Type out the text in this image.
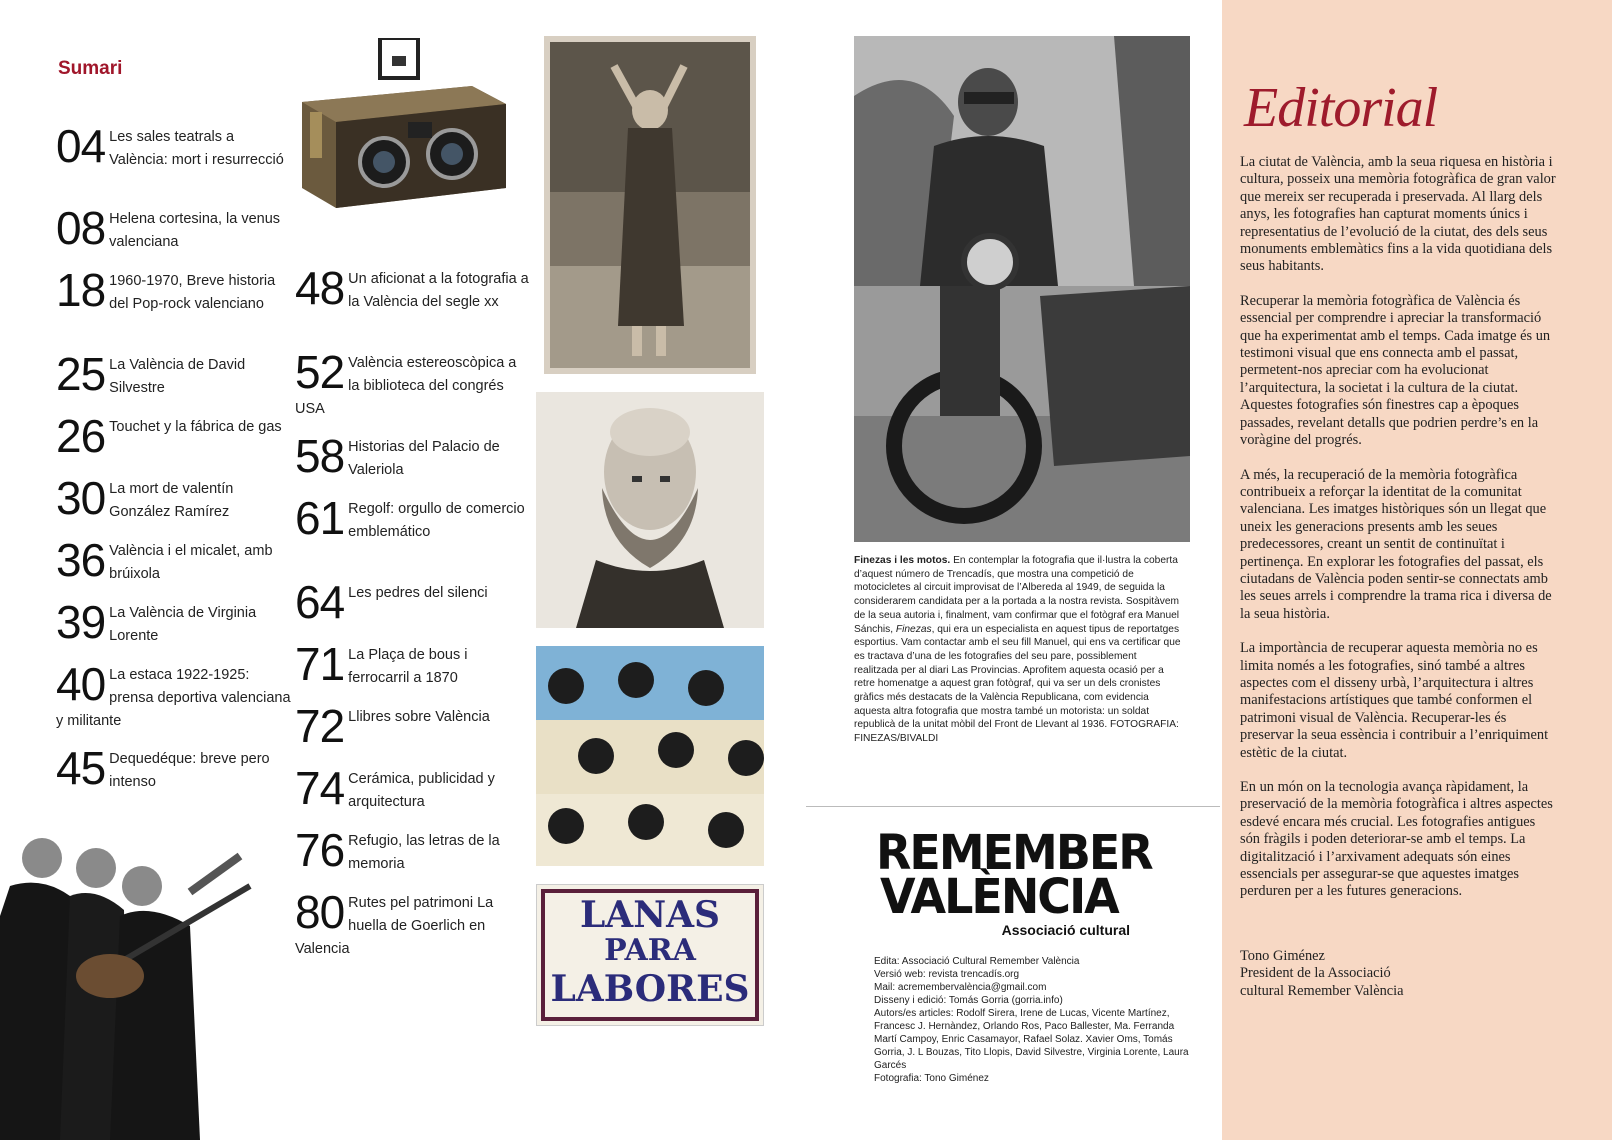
Sumari
04 Les sales teatrals a València: mort i resurrecció
08 Helena cortesina, la venus valenciana
18 1960-1970, Breve historia del Pop-rock valenciano
25 La València de David Silvestre
26 Touchet y la fábrica de gas
30 La mort de valentín González Ramírez
36 València i el micalet, amb brúixola
39 La València de Virginia Lorente
40 La estaca 1922-1925: prensa deportiva valenciana y militante
45 Dequedéque: breve pero intenso
48 Un aficionat a la fotografia a la València del segle xx
52 València estereoscòpica a la biblioteca del congrés USA
58 Historias del Palacio de Valeriola
61 Regolf: orgullo de comercio emblemático
64 Les pedres del silenci
71 La Plaça de bous i ferrocarril a 1870
72 Llibres sobre València
74 Cerámica, publicidad y arquitectura
76 Refugio, las letras de la memoria
80 Rutes pel patrimoni La huella de Goerlich en Valencia
LANAS
PARA
LABORES
Finezas i les motos. En contemplar la fotografia que il·lustra la coberta d’aquest número de Trencadís, que mostra una competició de motocicletes al circuit improvisat de l’Albereda al 1949, de seguida la considerarem candidata per a la portada a la nostra revista. Sospitàvem de la seua autoria i, finalment, vam confirmar que el fotògraf era Manuel Sánchis, Finezas, qui era un especialista en aquest tipus de reportatges esportius. Vam contactar amb el seu fill Manuel, qui ens va certificar que es tractava d’una de les fotografies del seu pare, possiblement realitzada per al diari Las Provincias. Aprofitem aquesta ocasió per a retre homenatge a aquest gran fotògraf, qui va ser un dels cronistes gràfics més destacats de la València Republicana, com evidencia aquesta altra fotografia que mostra també un motorista: un soldat republicà de la unitat mòbil del Front de Llevant al 1936. FOTOGRAFIA: FINEZAS/BIVALDI
REMEMBER
VALÈNCIA
Associació cultural
Edita: Associació Cultural Remember València
Versió web: revista trencadís.org
Mail: acremembervalència@gmail.com
Disseny i edició: Tomás Gorria (gorria.info)
Autors/es articles: Rodolf Sirera, Irene de Lucas, Vicente Martínez, Francesc J. Hernàndez, Orlando Ros, Paco Ballester, Ma. Ferranda Martí Campoy, Enric Casamayor, Rafael Solaz. Xavier Oms, Tomás Gorria, J. L Bouzas, Tito Llopis, David Silvestre, Virginia Lorente, Laura Garcés
Fotografia: Tono Giménez
Editorial

La ciutat de València, amb la seua riquesa en història i cultura, posseix una memòria fotogràfica de gran valor que mereix ser recuperada i preservada. Al llarg dels anys, les fotografies han capturat moments únics i representatius de l’evolució de la ciutat, des dels seus monuments emblemàtics fins a la vida quotidiana dels seus habitants.

Recuperar la memòria fotogràfica de València és essencial per comprendre i apreciar la transformació que ha experimentat amb el temps. Cada imatge és un testimoni visual que ens connecta amb el passat, permetent-nos apreciar com ha evolucionat l’arquitectura, la societat i la cultura de la ciutat. Aquestes fotografies són finestres cap a èpoques passades, revelant detalls que podrien perdre’s en la voràgine del progrés.

A més, la recuperació de la memòria fotogràfica contribueix a reforçar la identitat de la comunitat valenciana. Les imatges històriques són un llegat que uneix les generacions presents amb les seues predecessores, creant un sentit de continuïtat i pertinença. En explorar les fotografies del passat, els ciutadans de València poden sentir-se connectats amb les seues arrels i comprendre la trama rica i diversa de la seua història.

La importància de recuperar aquesta memòria no es limita només a les fotografies, sinó també a altres aspectes com el disseny urbà, l’arquitectura i altres manifestacions artístiques que també conformen el patrimoni visual de València. Recuperar-les és preservar la seua essència i contribuir a l’enriquiment estètic de la ciutat.

En un món on la tecnologia avança ràpidament, la preservació de la memòria fotogràfica i altres aspectes esdevé encara més crucial. Les fotografies antigues són fràgils i poden deteriorar-se amb el temps. La digitalització i l’arxivament adequats són eines essencials per assegurar-se que aquestes imatges perduren per a les futures generacions.

Tono Giménez
President de la Associació
cultural Remember València
